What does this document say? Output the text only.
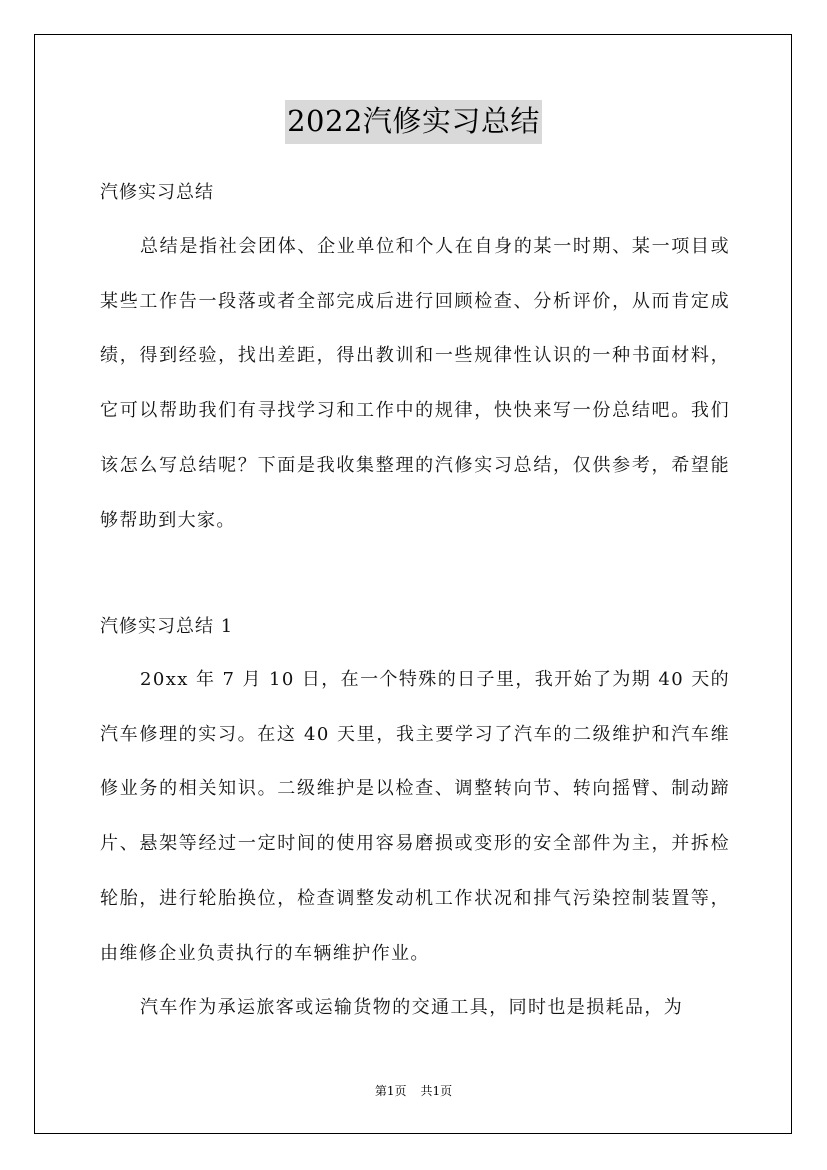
2022汽修实习总结

汽修实习总结

总结是指社会团体、企业单位和个人在自身的某一时期、某一项目或某些工作告一段落或者全部完成后进行回顾检查、分析评价，从而肯定成绩，得到经验，找出差距，得出教训和一些规律性认识的一种书面材料，它可以帮助我们有寻找学习和工作中的规律，快快来写一份总结吧。我们该怎么写总结呢？下面是我收集整理的汽修实习总结，仅供参考，希望能够帮助到大家。

汽修实习总结 1

20xx 年 7 月 10 日，在一个特殊的日子里，我开始了为期 40 天的汽车修理的实习。在这 40 天里，我主要学习了汽车的二级维护和汽车维修业务的相关知识。二级维护是以检查、调整转向节、转向摇臂、制动蹄片、悬架等经过一定时间的使用容易磨损或变形的安全部件为主，并拆检轮胎，进行轮胎换位，检查调整发动机工作状况和排气污染控制装置等，由维修企业负责执行的车辆维护作业。

汽车作为承运旅客或运输货物的交通工具，同时也是损耗品，为

第1页 共1页
